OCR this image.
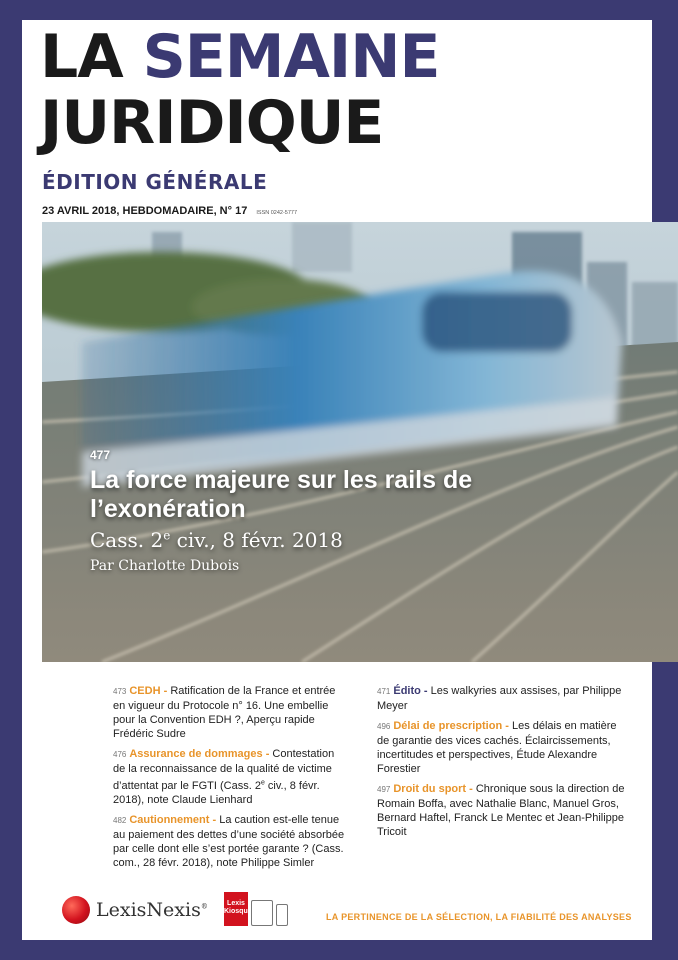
LA SEMAINE
JURIDIQUE
ÉDITION GÉNÉRALE
23 AVRIL 2018, HEBDOMADAIRE, N° 17 ISSN 0242-5777
477
La force majeure sur les rails de l’exonération
Cass. 2e civ., 8 févr. 2018
Par Charlotte Dubois
473 CEDH - Ratification de la France et entrée en vigueur du Protocole n° 16. Une embellie pour la Convention EDH ?, Aperçu rapide Frédéric Sudre
476 Assurance de dommages - Contestation de la reconnaissance de la qualité de victime d’attentat par le FGTI (Cass. 2e civ., 8 févr. 2018), note Claude Lienhard
482 Cautionnement - La caution est-elle tenue au paiement des dettes d’une société absorbée par celle dont elle s’est portée garante ? (Cass. com., 28 févr. 2018), note Philippe Simler
471 Édito - Les walkyries aux assises, par Philippe Meyer
496 Délai de prescription - Les délais en matière de garantie des vices cachés. Éclaircissements, incertitudes et perspectives, Étude Alexandre Forestier
497 Droit du sport - Chronique sous la direction de Romain Boffa, avec Nathalie Blanc, Manuel Gros, Bernard Haftel, Franck Le Mentec et Jean-Philippe Tricoit
LexisNexis®	Lexis
Kiosque
LA PERTINENCE DE LA SÉLECTION, LA FIABILITÉ DES ANALYSES
